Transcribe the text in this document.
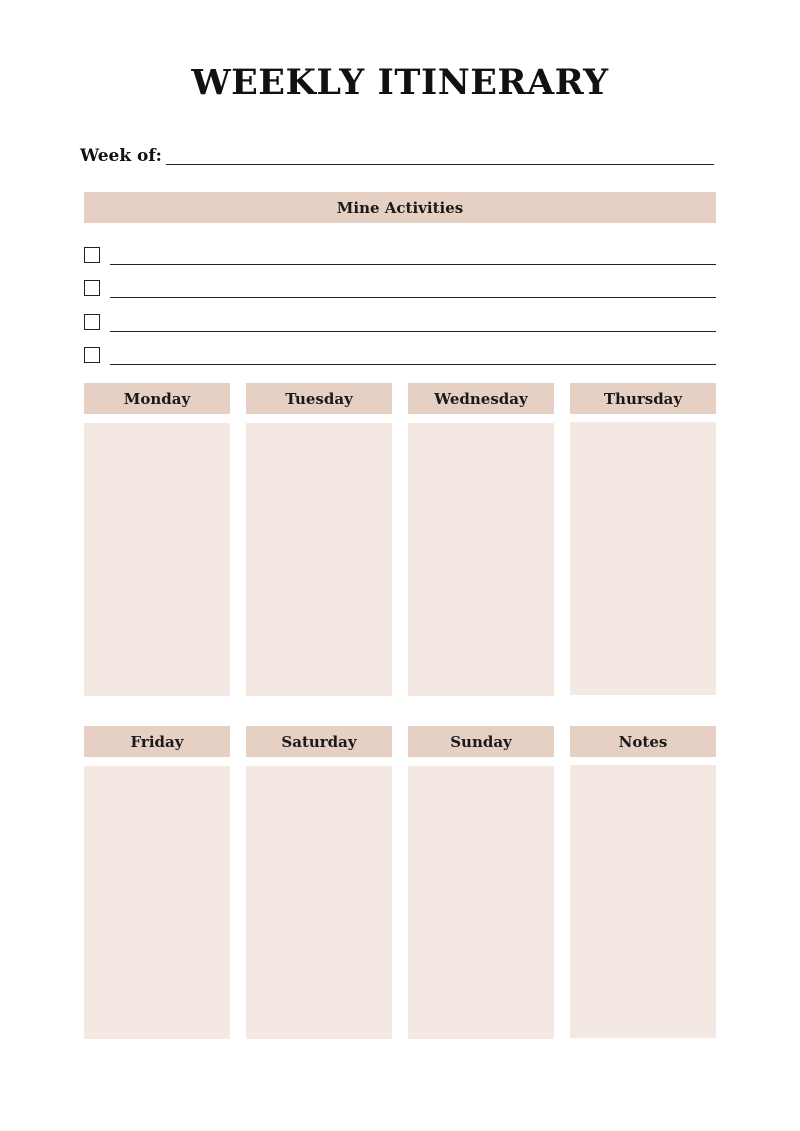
WEEKLY ITINERARY
Week of:
Mine Activities
Monday	Tuesday	Wednesday	Thursday
Friday	Saturday	Sunday	Notes
